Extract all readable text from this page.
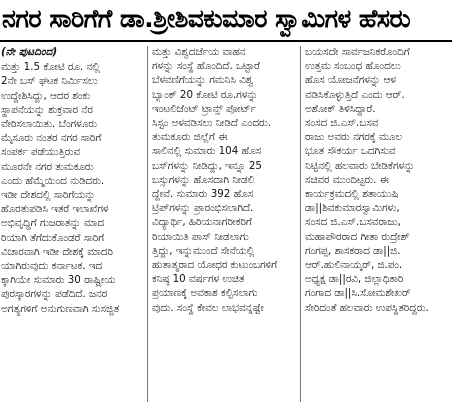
ನಗರ ಸಾರಿಗೆಗೆ ಡಾ.ಶ್ರೀಶಿವಕುಮಾರ ಸ್ವಾಮಿಗಳ ಹೆಸರು
(ನೇ ಪುಟದಿಂದ)
ಮತ್ತು 1.5 ಕೋಟಿ ರೂ. ನಲ್ಲಿ
2ನೇ ಬಸ್ ಘಟಕ ನಿರ್ಮಿಸಲು
ಉದ್ದೇಶಿಸಿದ್ದು, ಆದರ ಶಂಕು
ಸ್ಥಾಪನೆಯನ್ನು ಶುಕ್ರವಾರ ನೆರ
ವೇರಿಸಲಾಯಿತು. ಬೆಂಗಳೂರು
ಮೈಸೂರು ನಂತರ ನಗರ ಸಾರಿಗೆ
ಸಂಪರ್ಕ ಪಡೆಯುತ್ತಿರುವ
ಮೂರನೇ ನಗರ ತುಮಕೂರು
ಎಂದು ಹೆಮ್ಮೆಯಿಂದ ನುಡಿದರು.
ಇಡೀ ದೇಶದಲ್ಲಿ ಸಾರಿಗೆಯನ್ನು
ಹೊರತುಪಡಿಸಿ ಇತರೆ ಇಲಾಖೆಗಳ
ಅಭಿವೃದ್ಧಿಗೆ ಗುಜರಾತನ್ನು ಮಾದ
ರಿಯಾಗಿ ತೆಗೆದುಕೊಂಡರೆ ಸಾರಿಗೆ
ವಿಚಾರವಾಗಿ ಇಡೀ ದೇಶಕ್ಕೆ ಮಾದರಿ
ಯಾಗಿರುವುದು ಕರ್ನಾಟಕ. ಇದ
ಕ್ಕಾಗಿಯೇ ಸುಮಾರು 30 ರಾಷ್ಟ್ರೀಯ
ಪುರಸ್ಕಾರಗಳನ್ನು ಪಡೆದಿದೆ. ಜನರ
ಅಗತ್ಯಗಳಿಗೆ ಅನುಗುಣವಾಗಿ ಸುಸಜ್ಜಿತ
ಮತ್ತು ವಿಶ್ವದರ್ಜೆಯ ವಾಹನ
ಗಳನ್ನು ಸಂಸ್ಥೆ ಹೊಂದಿದೆ. ಒಟ್ಟಾರೆ
ಬೆಳವಣಿಗೆಯನ್ನು ಗಮನಿಸಿ ವಿಶ್ವ
ಬ್ಯಾಂಕ್ 20 ಕೋಟಿ ರೂ.ಗಳನ್ನು
ಇಂಟಲಿಜೆಂಟ್ ಟ್ರಾನ್ಸ್ ಪೋರ್ಟ್
ಸಿಸ್ಟಂ ಅಳವಡಿಸಲು ನೀಡಿದೆ ಎಂದರು.
ತುಮಕೂರು ಜಿಲ್ಲೆಗೆ ಈ
ಸಾಲಿನಲ್ಲಿ ಸುಮಾರು 104 ಹೊಸ
ಬಸ್‌ಗಳನ್ನು ನೀಡಿದ್ದು, ಇನ್ನೂ 25
ಬಸ್ಸುಗಳನ್ನು ಹೊಸದಾಗಿ ನೀಡಲಿ
ದ್ದೇವೆ. ಸುಮಾರು 392 ಹೊಸ
ಟ್ರಿಪ್‌ಗಳನ್ನು ಪ್ರಾರಂಭಿಸಲಾಗಿದೆ.
ವಿದ್ಯಾರ್ಥಿ, ಹಿರಿಯನಾಗರೀಕರಿಗೆ
ರಿಯಾಯಿತಿ ಪಾಸ್ ನೀಡಲಾಗು
ತ್ತಿದ್ದು, ಇನ್ನುಮುಂದೆ ಸೇನೆಯಲ್ಲಿ
ಹುತಾತ್ಮರಾದ ಯೋಧರ ಕುಟುಂಬಗಳಿಗೆ
ಕನಿಷ್ಠ 10 ವರ್ಷಗಳ ಉಚಿತ
ಪ್ರಯಾಣಕ್ಕೆ ಅವಕಾಶ ಕಲ್ಪಿಸಲಾಗು
ವುದು. ಸಂಸ್ಥೆ ಕೇವಲ ಲಾಭವನ್ನಷ್ಟೇ
ಬಯಸದೇ ಸಾರ್ವಜನಿಕರೊಂದಿಗೆ
ಉತ್ತಮ ಸಂಬಂಧ ಹೊಂದಲು
ಹೊಸ ಯೋಜನೆಗಳನ್ನು ಆಳ
ವಡಿಸಿಕೊಳ್ಳುತ್ತಿದೆ ಎಂದು ಆರ್.
ಅಶೋಕ್ ತಿಳಿಸಿದ್ದಾರೆ.
ಸಂಸದ ಜಿ.ಎಸ್.ಬಸವ
ರಾಜು ಅವರು ನಗರಕ್ಕೆ ಮೂಲ
ಭೂತ ಸೌಕರ್ಯ ಒದಗಿಸುವ
ನಿಟ್ಟಿನಲ್ಲಿ ಹಲವಾರು ಬೇಡಿಕೆಗಳನ್ನು
ಸಚಿವರ ಮುಂದಿಟ್ಟರು. ಈ
ಕಾರ್ಯಕ್ರಮದಲ್ಲಿ ಶತಾಯುಷಿ
ಡಾ||ಶಿವಕುಮಾರಸ್ವಾಮಿಗಳು,
ಸಂಸದ ಜಿ.ಎಸ್.ಬಸವರಾಜು,
ಮಹಾಪೌರರಾದ ಗೀತಾ ರುದ್ರೇಶ್
ಗಂಗಪ್ಪ, ಶಾಸಕರಾದ ಡಾ||ಜಿ.
ಆರ್.ಹುಲಿನಾಯ್ಕರ್, ಜಿ.ಪಂ.
ಅಧ್ಯಕ್ಷ ಡಾ||ರವಿ, ಜಿಲ್ಲಾಧಿಕಾರಿ
ಗಂಗಾದ ಡಾ||ಸಿ.ಸೋಮಶೇಖರ್
ಸೇರಿದಂತೆ ಹಲವಾರು ಉಪಸ್ಥಿತರಿದ್ದರು.
